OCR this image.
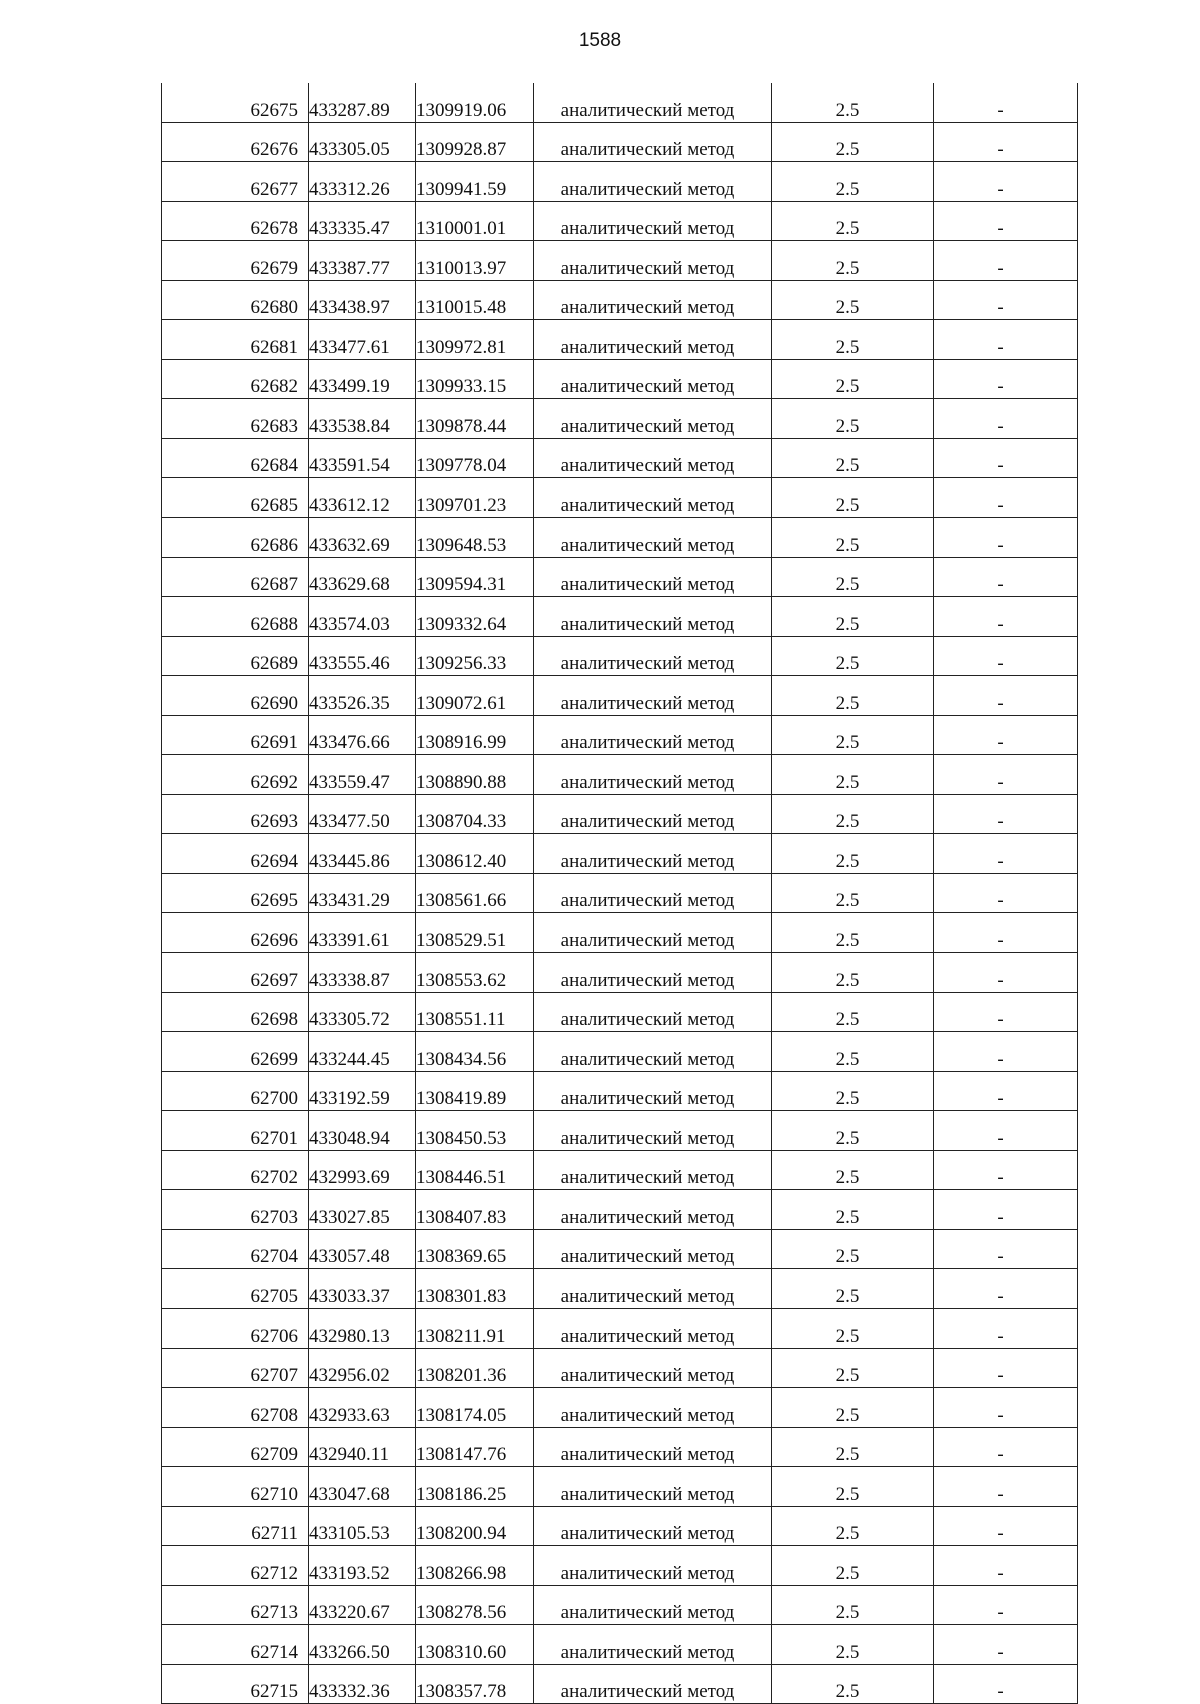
1588
62675	433287.89	1309919.06	аналитический метод	2.5	-
62676	433305.05	1309928.87	аналитический метод	2.5	-
62677	433312.26	1309941.59	аналитический метод	2.5	-
62678	433335.47	1310001.01	аналитический метод	2.5	-
62679	433387.77	1310013.97	аналитический метод	2.5	-
62680	433438.97	1310015.48	аналитический метод	2.5	-
62681	433477.61	1309972.81	аналитический метод	2.5	-
62682	433499.19	1309933.15	аналитический метод	2.5	-
62683	433538.84	1309878.44	аналитический метод	2.5	-
62684	433591.54	1309778.04	аналитический метод	2.5	-
62685	433612.12	1309701.23	аналитический метод	2.5	-
62686	433632.69	1309648.53	аналитический метод	2.5	-
62687	433629.68	1309594.31	аналитический метод	2.5	-
62688	433574.03	1309332.64	аналитический метод	2.5	-
62689	433555.46	1309256.33	аналитический метод	2.5	-
62690	433526.35	1309072.61	аналитический метод	2.5	-
62691	433476.66	1308916.99	аналитический метод	2.5	-
62692	433559.47	1308890.88	аналитический метод	2.5	-
62693	433477.50	1308704.33	аналитический метод	2.5	-
62694	433445.86	1308612.40	аналитический метод	2.5	-
62695	433431.29	1308561.66	аналитический метод	2.5	-
62696	433391.61	1308529.51	аналитический метод	2.5	-
62697	433338.87	1308553.62	аналитический метод	2.5	-
62698	433305.72	1308551.11	аналитический метод	2.5	-
62699	433244.45	1308434.56	аналитический метод	2.5	-
62700	433192.59	1308419.89	аналитический метод	2.5	-
62701	433048.94	1308450.53	аналитический метод	2.5	-
62702	432993.69	1308446.51	аналитический метод	2.5	-
62703	433027.85	1308407.83	аналитический метод	2.5	-
62704	433057.48	1308369.65	аналитический метод	2.5	-
62705	433033.37	1308301.83	аналитический метод	2.5	-
62706	432980.13	1308211.91	аналитический метод	2.5	-
62707	432956.02	1308201.36	аналитический метод	2.5	-
62708	432933.63	1308174.05	аналитический метод	2.5	-
62709	432940.11	1308147.76	аналитический метод	2.5	-
62710	433047.68	1308186.25	аналитический метод	2.5	-
62711	433105.53	1308200.94	аналитический метод	2.5	-
62712	433193.52	1308266.98	аналитический метод	2.5	-
62713	433220.67	1308278.56	аналитический метод	2.5	-
62714	433266.50	1308310.60	аналитический метод	2.5	-
62715	433332.36	1308357.78	аналитический метод	2.5	-
